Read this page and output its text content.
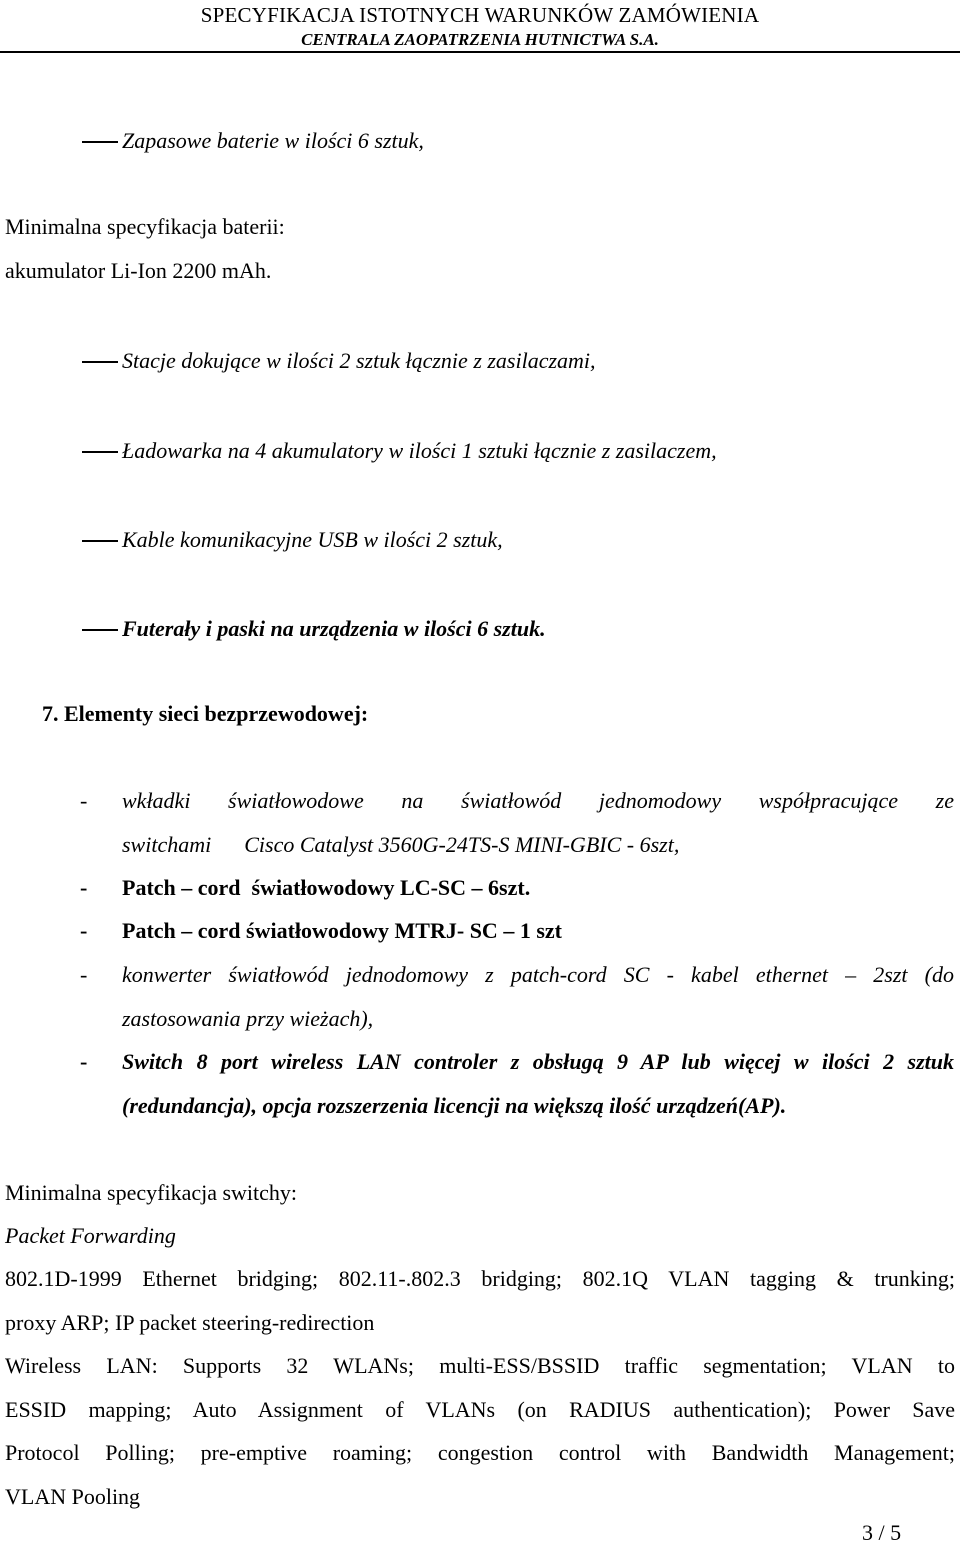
SPECYFIKACJA ISTOTNYCH WARUNKÓW ZAMÓWIENIA
CENTRALA ZAOPATRZENIA HUTNICTWA S.A.
Zapasowe baterie w ilości 6 sztuk,
Minimalna specyfikacja baterii:
akumulator Li-Ion 2200 mAh.
Stacje dokujące w ilości 2 sztuk łącznie z zasilaczami,
Ładowarka na 4 akumulatory w ilości 1 sztuki łącznie z zasilaczem,
Kable komunikacyjne USB w ilości 2 sztuk,
Futerały i paski na urządzenia w ilości 6 sztuk.
7. Elementy sieci bezprzewodowej:
- wkładki światłowodowe na światłowód jednomodowy współpracujące ze
switchami      Cisco Catalyst 3560G-24TS-S MINI-GBIC - 6szt,
- Patch – cord  światłowodowy LC-SC – 6szt.
- Patch – cord światłowodowy MTRJ- SC – 1 szt
- konwerter światłowód jednodomowy z patch-cord SC - kabel ethernet – 2szt (do
zastosowania przy wieżach),
- Switch 8 port wireless LAN controler z obsługą 9 AP lub więcej w ilości 2 sztuk
(redundancja), opcja rozszerzenia licencji na większą ilość urządzeń(AP).
Minimalna specyfikacja switchy:
Packet Forwarding
802.1D-1999 Ethernet bridging; 802.11-.802.3 bridging; 802.1Q VLAN tagging & trunking;
proxy ARP; IP packet steering-redirection
Wireless LAN: Supports 32 WLANs; multi-ESS/BSSID traffic segmentation; VLAN to
ESSID mapping; Auto Assignment of VLANs (on RADIUS authentication); Power Save
Protocol Polling; pre-emptive roaming; congestion control with Bandwidth Management;
VLAN Pooling
3 / 5
